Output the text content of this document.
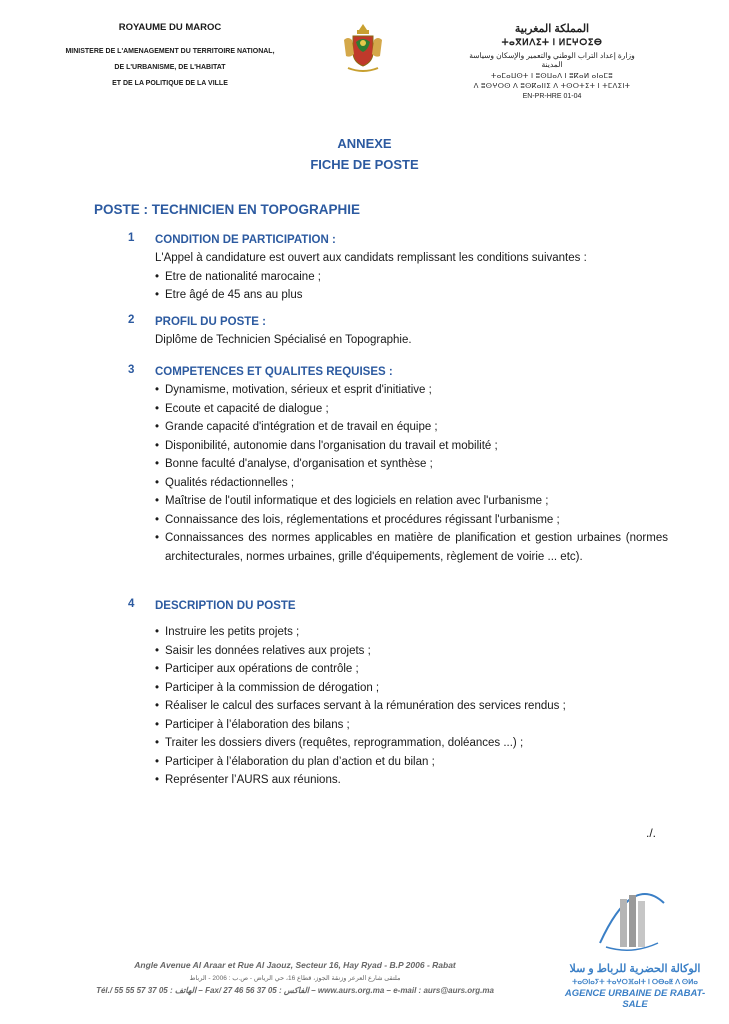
ROYAUME DU MAROC
MINISTERE DE L'AMENAGEMENT DU TERRITOIRE NATIONAL,
DE L'URBANISME, DE L'HABITAT
ET DE LA POLITIQUE DE LA VILLE
المملكة المغربية
ⵜⴰⴳⵍⴷⵉⵜ ⵏ ⵍⵎⵖⵔⵉⴱ
وزارة إعداد التراب الوطني والتعمير والإسكان وسياسة المدينة
ⵜⴰⵎⴰⵡⵙⵜ ⵏ ⵓⵙⵡⴰⴷ ⵏ ⵓⴽⴰⵍ ⴰⵏⴰⵎⵓ
ⴷ ⵓⵙⵖⵔⵙ ⴷ ⵓⵙⴽⴰⵏⵏⵉ ⴷ ⵜⵙⵔⵜⵉⵜ ⵏ ⵜⵎⴷⵉⵏⵜ
EN-PR-HRE 01-04
ANNEXE
FICHE DE POSTE
POSTE : TECHNICIEN EN TOPOGRAPHIE
1 CONDITION DE PARTICIPATION :
L'Appel à candidature est ouvert aux candidats remplissant les conditions suivantes :
• Etre de nationalité marocaine ;
• Etre âgé de 45 ans au plus
2 PROFIL DU POSTE :
Diplôme de Technicien Spécialisé en Topographie.
3 COMPETENCES ET QUALITES REQUISES :
• Dynamisme, motivation, sérieux et esprit d'initiative ;
• Ecoute et capacité de dialogue ;
• Grande capacité d'intégration et de travail en équipe ;
• Disponibilité, autonomie dans l'organisation du travail et mobilité ;
• Bonne faculté d'analyse, d'organisation et synthèse ;
• Qualités rédactionnelles ;
• Maîtrise de l'outil informatique et des logiciels en relation avec l'urbanisme ;
• Connaissance des lois, réglementations et procédures régissant l'urbanisme ;
• Connaissances des normes applicables en matière de planification et gestion urbaines (normes architecturales, normes urbaines, grille d'équipements, règlement de voirie ... etc).
4 DESCRIPTION DU POSTE
• Instruire les petits projets ;
• Saisir les données relatives aux projets ;
• Participer aux opérations de contrôle ;
• Participer à la commission de dérogation ;
• Réaliser le calcul des surfaces servant à la rémunération des services rendus ;
• Participer à l’élaboration des bilans ;
• Traiter les dossiers divers (requêtes, reprogrammation, doléances ...) ;
• Participer à l’élaboration du plan d’action et du bilan ;
• Représenter l’AURS aux réunions.
./.
Angle Avenue Al Araar et Rue Al Jaouz, Secteur 16, Hay Ryad - B.P 2006 - Rabat
ملتقى شارع العرعر وزنقة الجوز، قطاع 16، حي الرياض - ص.ب : 2006 - الرباط
Tél./ الهاتف : 05 37 57 55 55 – Fax/ الفاكس : 05 37 56 46 27 – www.aurs.org.ma – e-mail : aurs@aurs.org.ma
الوكالة الحضرية للرباط و سلا
ⵜⴰⵙⵏⴰⵢⵜ ⵜⴰⵖⵔⴼⴰⵏⵜ ⵏ ⵔⴱⴰⵟ ⴷ ⵙⵍⴰ
AGENCE URBAINE DE RABAT-SALE
